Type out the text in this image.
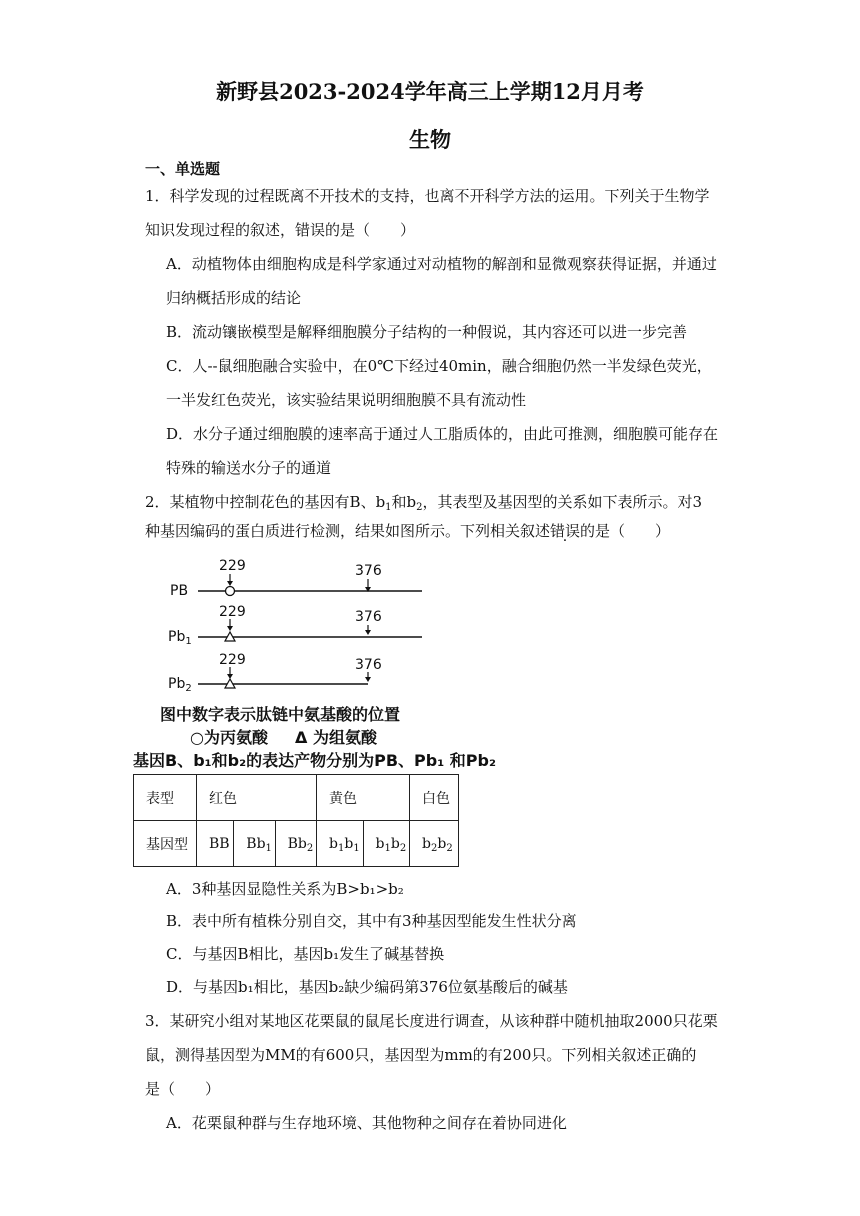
新野县2023-2024学年高三上学期12月月考
生物
一、单选题
1．科学发现的过程既离不开技术的支持，也离不开科学方法的运用。下列关于生物学
知识发现过程的叙述，错误的是（　　）
A．动植物体由细胞构成是科学家通过对动植物的解剖和显微观察获得证据，并通过
归纳概括形成的结论
B．流动镶嵌模型是解释细胞膜分子结构的一种假说，其内容还可以进一步完善
C．人--鼠细胞融合实验中，在0℃下经过40min，融合细胞仍然一半发绿色荧光，
一半发红色荧光，该实验结果说明细胞膜不具有流动性
D．水分子通过细胞膜的速率高于通过人工脂质体的，由此可推测，细胞膜可能存在
特殊的输送水分子的通道
2．某植物中控制花色的基因有B、$b_1$和$b_2$，其表型及基因型的关系如下表所示。对3
种基因编码的蛋白质进行检测，结果如图所示。下列相关叙述错误的是（　　）
PB
229	376
$Pb_1$
229	376
$Pb_2$
229	376
图中数字表示肽链中氨基酸的位置
○为丙氨酸 Δ 为组氨酸
基因B、b₁和b₂的表达产物分别为PB、Pb₁ 和Pb₂
表型	红色			黄色		白色
基因型	BB	$Bb_1$	$Bb_2$	$b_1b_1$	$b_1b_2$	$b_2b_2$
A．3种基因显隐性关系为B>b₁>b₂
B．表中所有植株分别自交，其中有3种基因型能发生性状分离
C．与基因B相比，基因b₁发生了碱基替换
D．与基因b₁相比，基因b₂缺少编码第376位氨基酸后的碱基
3．某研究小组对某地区花栗鼠的鼠尾长度进行调查，从该种群中随机抽取2000只花栗
鼠，测得基因型为MM的有600只，基因型为mm的有200只。下列相关叙述正确的
是（　　）
A．花栗鼠种群与生存地环境、其他物种之间存在着协同进化
